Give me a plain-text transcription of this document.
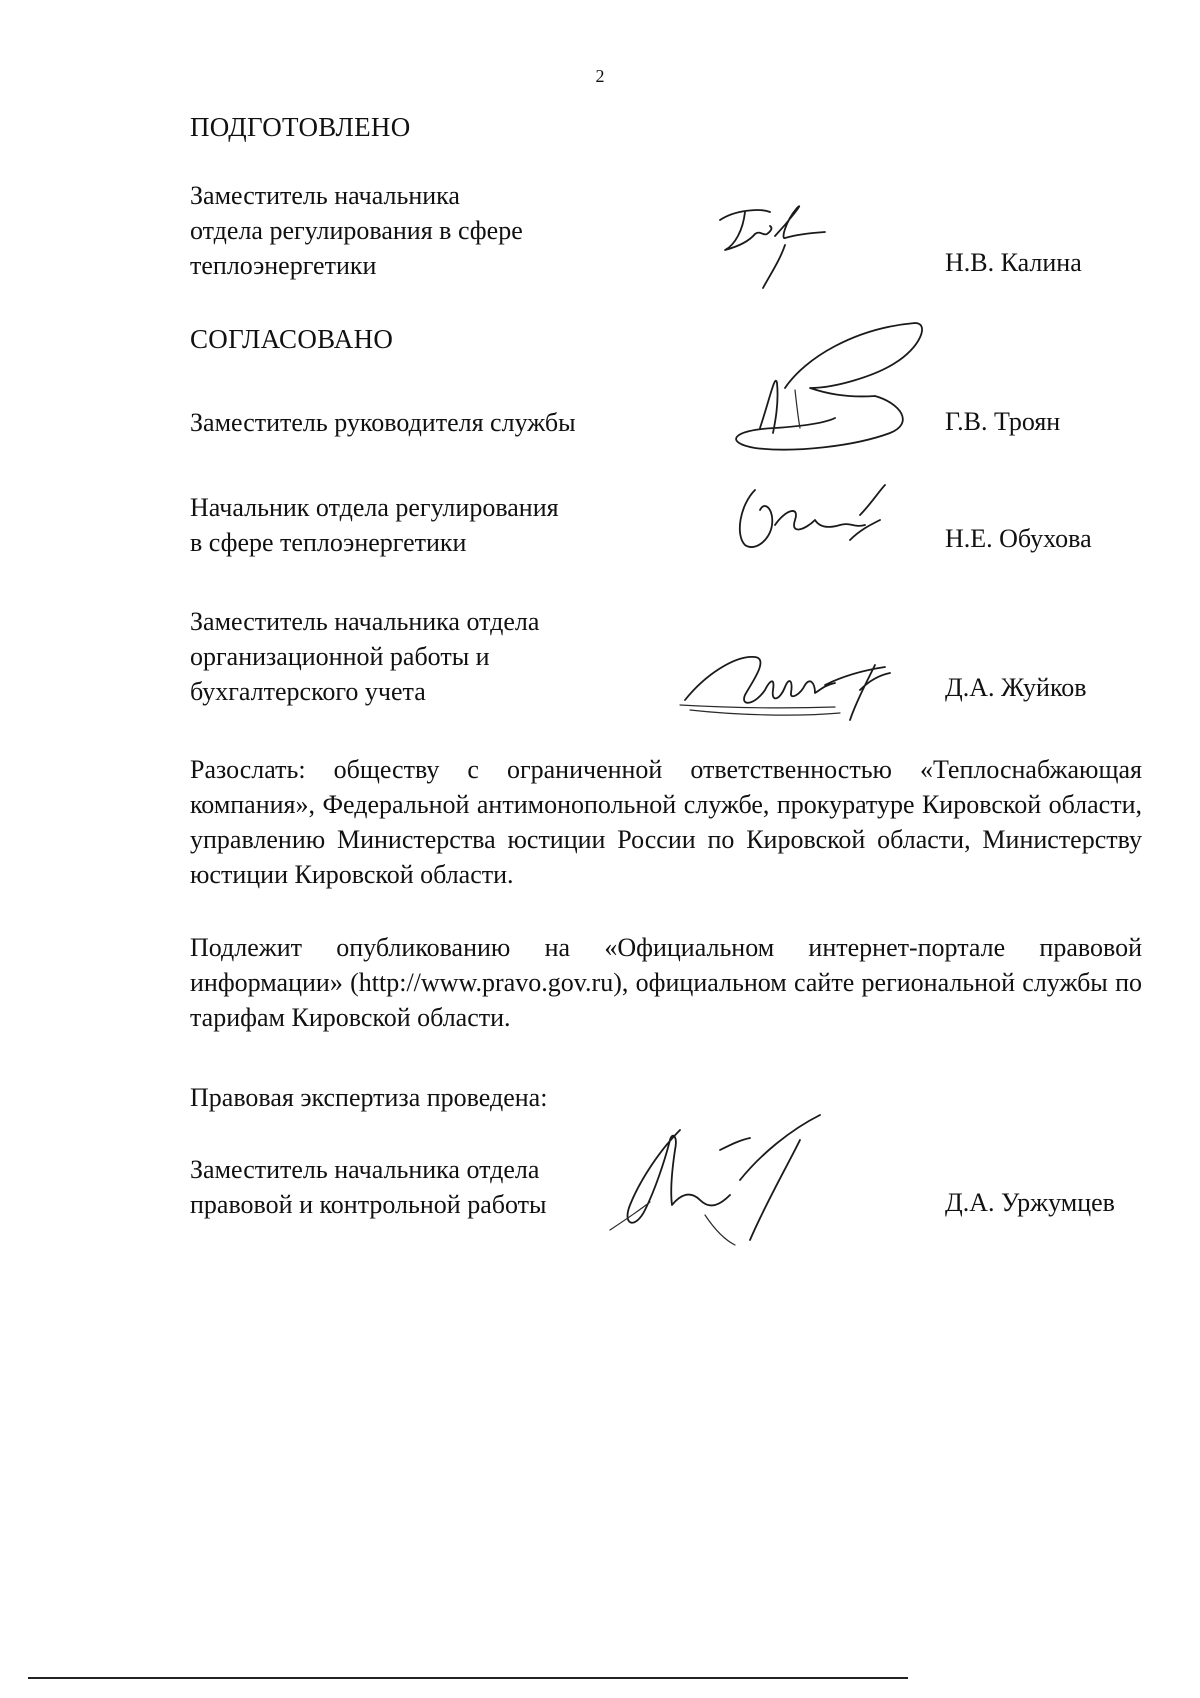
2
ПОДГОТОВЛЕНО
Заместитель начальника
отдела регулирования в сфере
теплоэнергетики	Н.В. Калина
СОГЛАСОВАНО
Заместитель руководителя службы	Г.В. Троян
Начальник отдела регулирования
в сфере теплоэнергетики	Н.Е. Обухова
Заместитель начальника отдела
организационной работы и
бухгалтерского учета	Д.А. Жуйков
Разослать: обществу с ограниченной ответственностью «Теплоснабжающая компания», Федеральной антимонопольной службе, прокуратуре Кировской области, управлению Министерства юстиции России по Кировской области, Министерству юстиции Кировской области.
Подлежит опубликованию на «Официальном интернет-портале правовой информации» (http://www.pravo.gov.ru), официальном сайте региональной службы по тарифам Кировской области.
Правовая экспертиза проведена:
Заместитель начальника отдела
правовой и контрольной работы	Д.А. Уржумцев
